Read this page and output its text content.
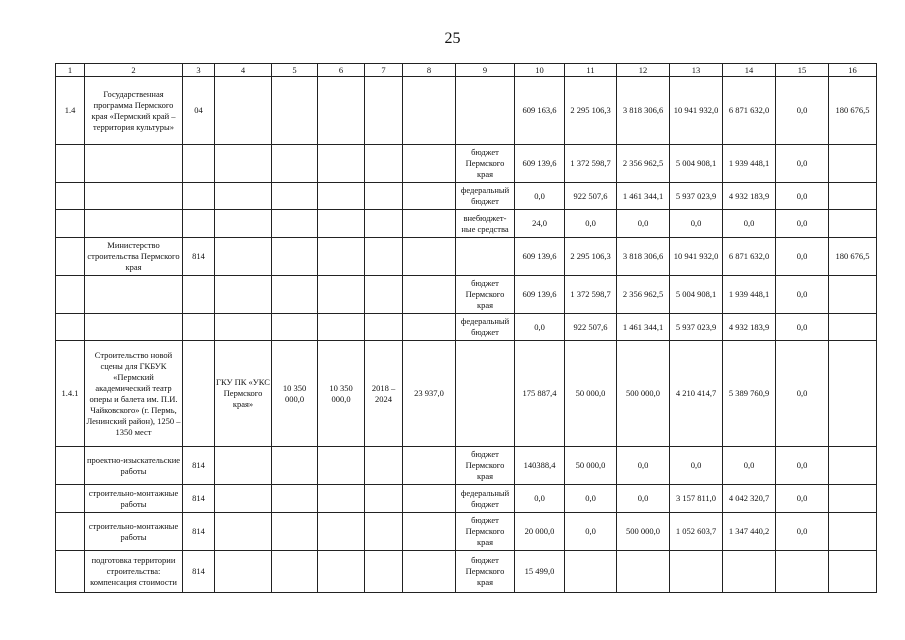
25
1	2	3	4	5	6	7	8	9	10	11	12	13	14	15	16
1.4	Государственная программа Пермского края «Пермский край – территория культуры»	04							609 163,6	2 295 106,3	3 818 306,6	10 941 932,0	6 871 632,0	0,0	180 676,5
								бюджет Пермского края	609 139,6	1 372 598,7	2 356 962,5	5 004 908,1	1 939 448,1	0,0	
								федеральный бюджет	0,0	922 507,6	1 461 344,1	5 937 023,9	4 932 183,9	0,0	
								внебюджет-ные средства	24,0	0,0	0,0	0,0	0,0	0,0	
	Министерство строительства Пермского края	814							609 139,6	2 295 106,3	3 818 306,6	10 941 932,0	6 871 632,0	0,0	180 676,5
								бюджет Пермского края	609 139,6	1 372 598,7	2 356 962,5	5 004 908,1	1 939 448,1	0,0	
								федеральный бюджет	0,0	922 507,6	1 461 344,1	5 937 023,9	4 932 183,9	0,0	
1.4.1	Строительство новой сцены для ГКБУК «Пермский академический театр оперы и балета им. П.И. Чайковского» (г. Пермь, Ленинский район), 1250 – 1350 мест		ГКУ ПК «УКС Пермского края»	10 350 000,0	10 350 000,0	2018 – 2024	23 937,0		175 887,4	50 000,0	500 000,0	4 210 414,7	5 389 760,9	0,0	
	проектно-изыскательские работы	814						бюджет Пермского края	140388,4	50 000,0	0,0	0,0	0,0	0,0	
	строительно-монтажные работы	814						федеральный бюджет	0,0	0,0	0,0	3 157 811,0	4 042 320,7	0,0	
	строительно-монтажные работы	814						бюджет Пермского края	20 000,0	0,0	500 000,0	1 052 603,7	1 347 440,2	0,0	
	подготовка территории строительства: компенсация стоимости	814						бюджет Пермского края	15 499,0						
